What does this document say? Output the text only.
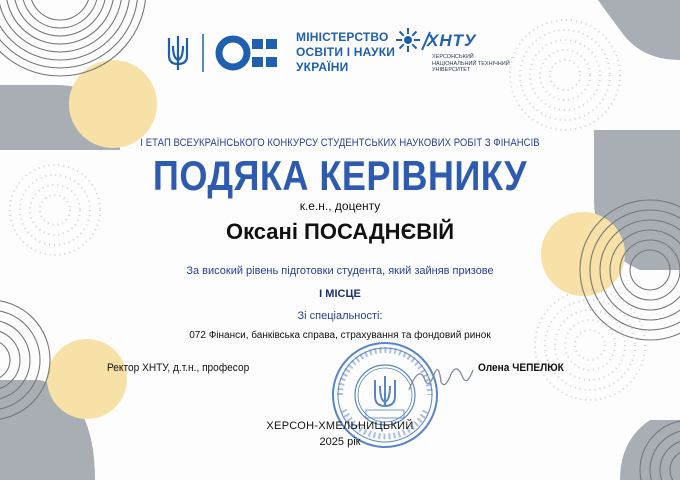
МІНІСТЕРСТВО
ОСВІТИ І НАУКИ
УКРАЇНИ
ХНТУ
ХЕРСОНСЬКИЙ
НАЦІОНАЛЬНИЙ ТЕХНІЧНИЙ
УНІВЕРСИТЕТ
І ЕТАП ВСЕУКРАЇНСЬКОГО КОНКУРСУ СТУДЕНТСЬКИХ НАУКОВИХ РОБІТ З ФІНАНСІВ
ПОДЯКА КЕРІВНИКУ
к.е.н., доценту
Оксані ПОСАДНЄВІЙ
За високий рівень підготовки студента, який зайняв призове
І МІСЦЕ
Зі спеціальності:
072 Фінанси, банківська справа, страхування та фондовий ринок
Ректор ХНТУ, д.т.н., професор	Олена ЧЕПЕЛЮК
ХЕРСОН-ХМЕЛЬНИЦЬКИЙ
2025 рік
